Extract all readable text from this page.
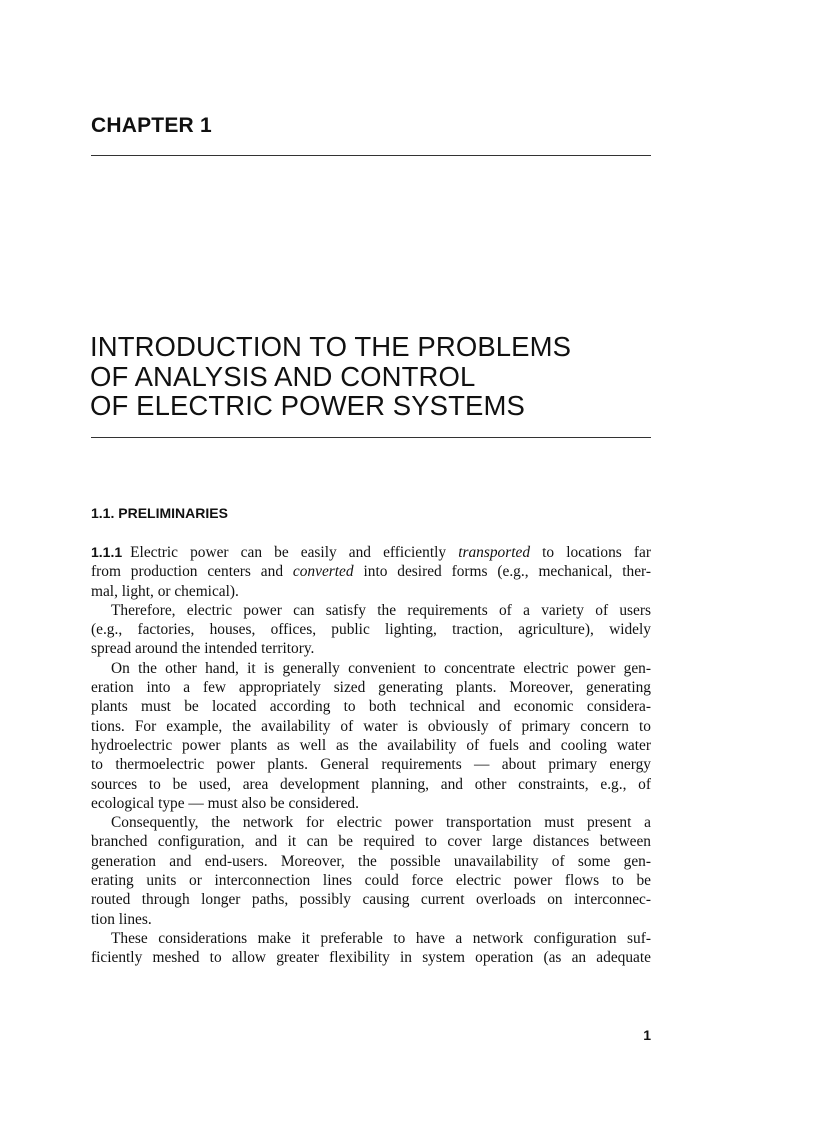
CHAPTER 1
INTRODUCTION TO THE PROBLEMS
OF ANALYSIS AND CONTROL
OF ELECTRIC POWER SYSTEMS
1.1. PRELIMINARIES
1.1.1 Electric power can be easily and efficiently transported to locations far
from production centers and converted into desired forms (e.g., mechanical, ther-
mal, light, or chemical).
Therefore, electric power can satisfy the requirements of a variety of users
(e.g., factories, houses, offices, public lighting, traction, agriculture), widely
spread around the intended territory.
On the other hand, it is generally convenient to concentrate electric power gen-
eration into a few appropriately sized generating plants. Moreover, generating
plants must be located according to both technical and economic considera-
tions. For example, the availability of water is obviously of primary concern to
hydroelectric power plants as well as the availability of fuels and cooling water
to thermoelectric power plants. General requirements — about primary energy
sources to be used, area development planning, and other constraints, e.g., of
ecological type — must also be considered.
Consequently, the network for electric power transportation must present a
branched configuration, and it can be required to cover large distances between
generation and end-users. Moreover, the possible unavailability of some gen-
erating units or interconnection lines could force electric power flows to be
routed through longer paths, possibly causing current overloads on interconnec-
tion lines.
These considerations make it preferable to have a network configuration suf-
ficiently meshed to allow greater flexibility in system operation (as an adequate
1
